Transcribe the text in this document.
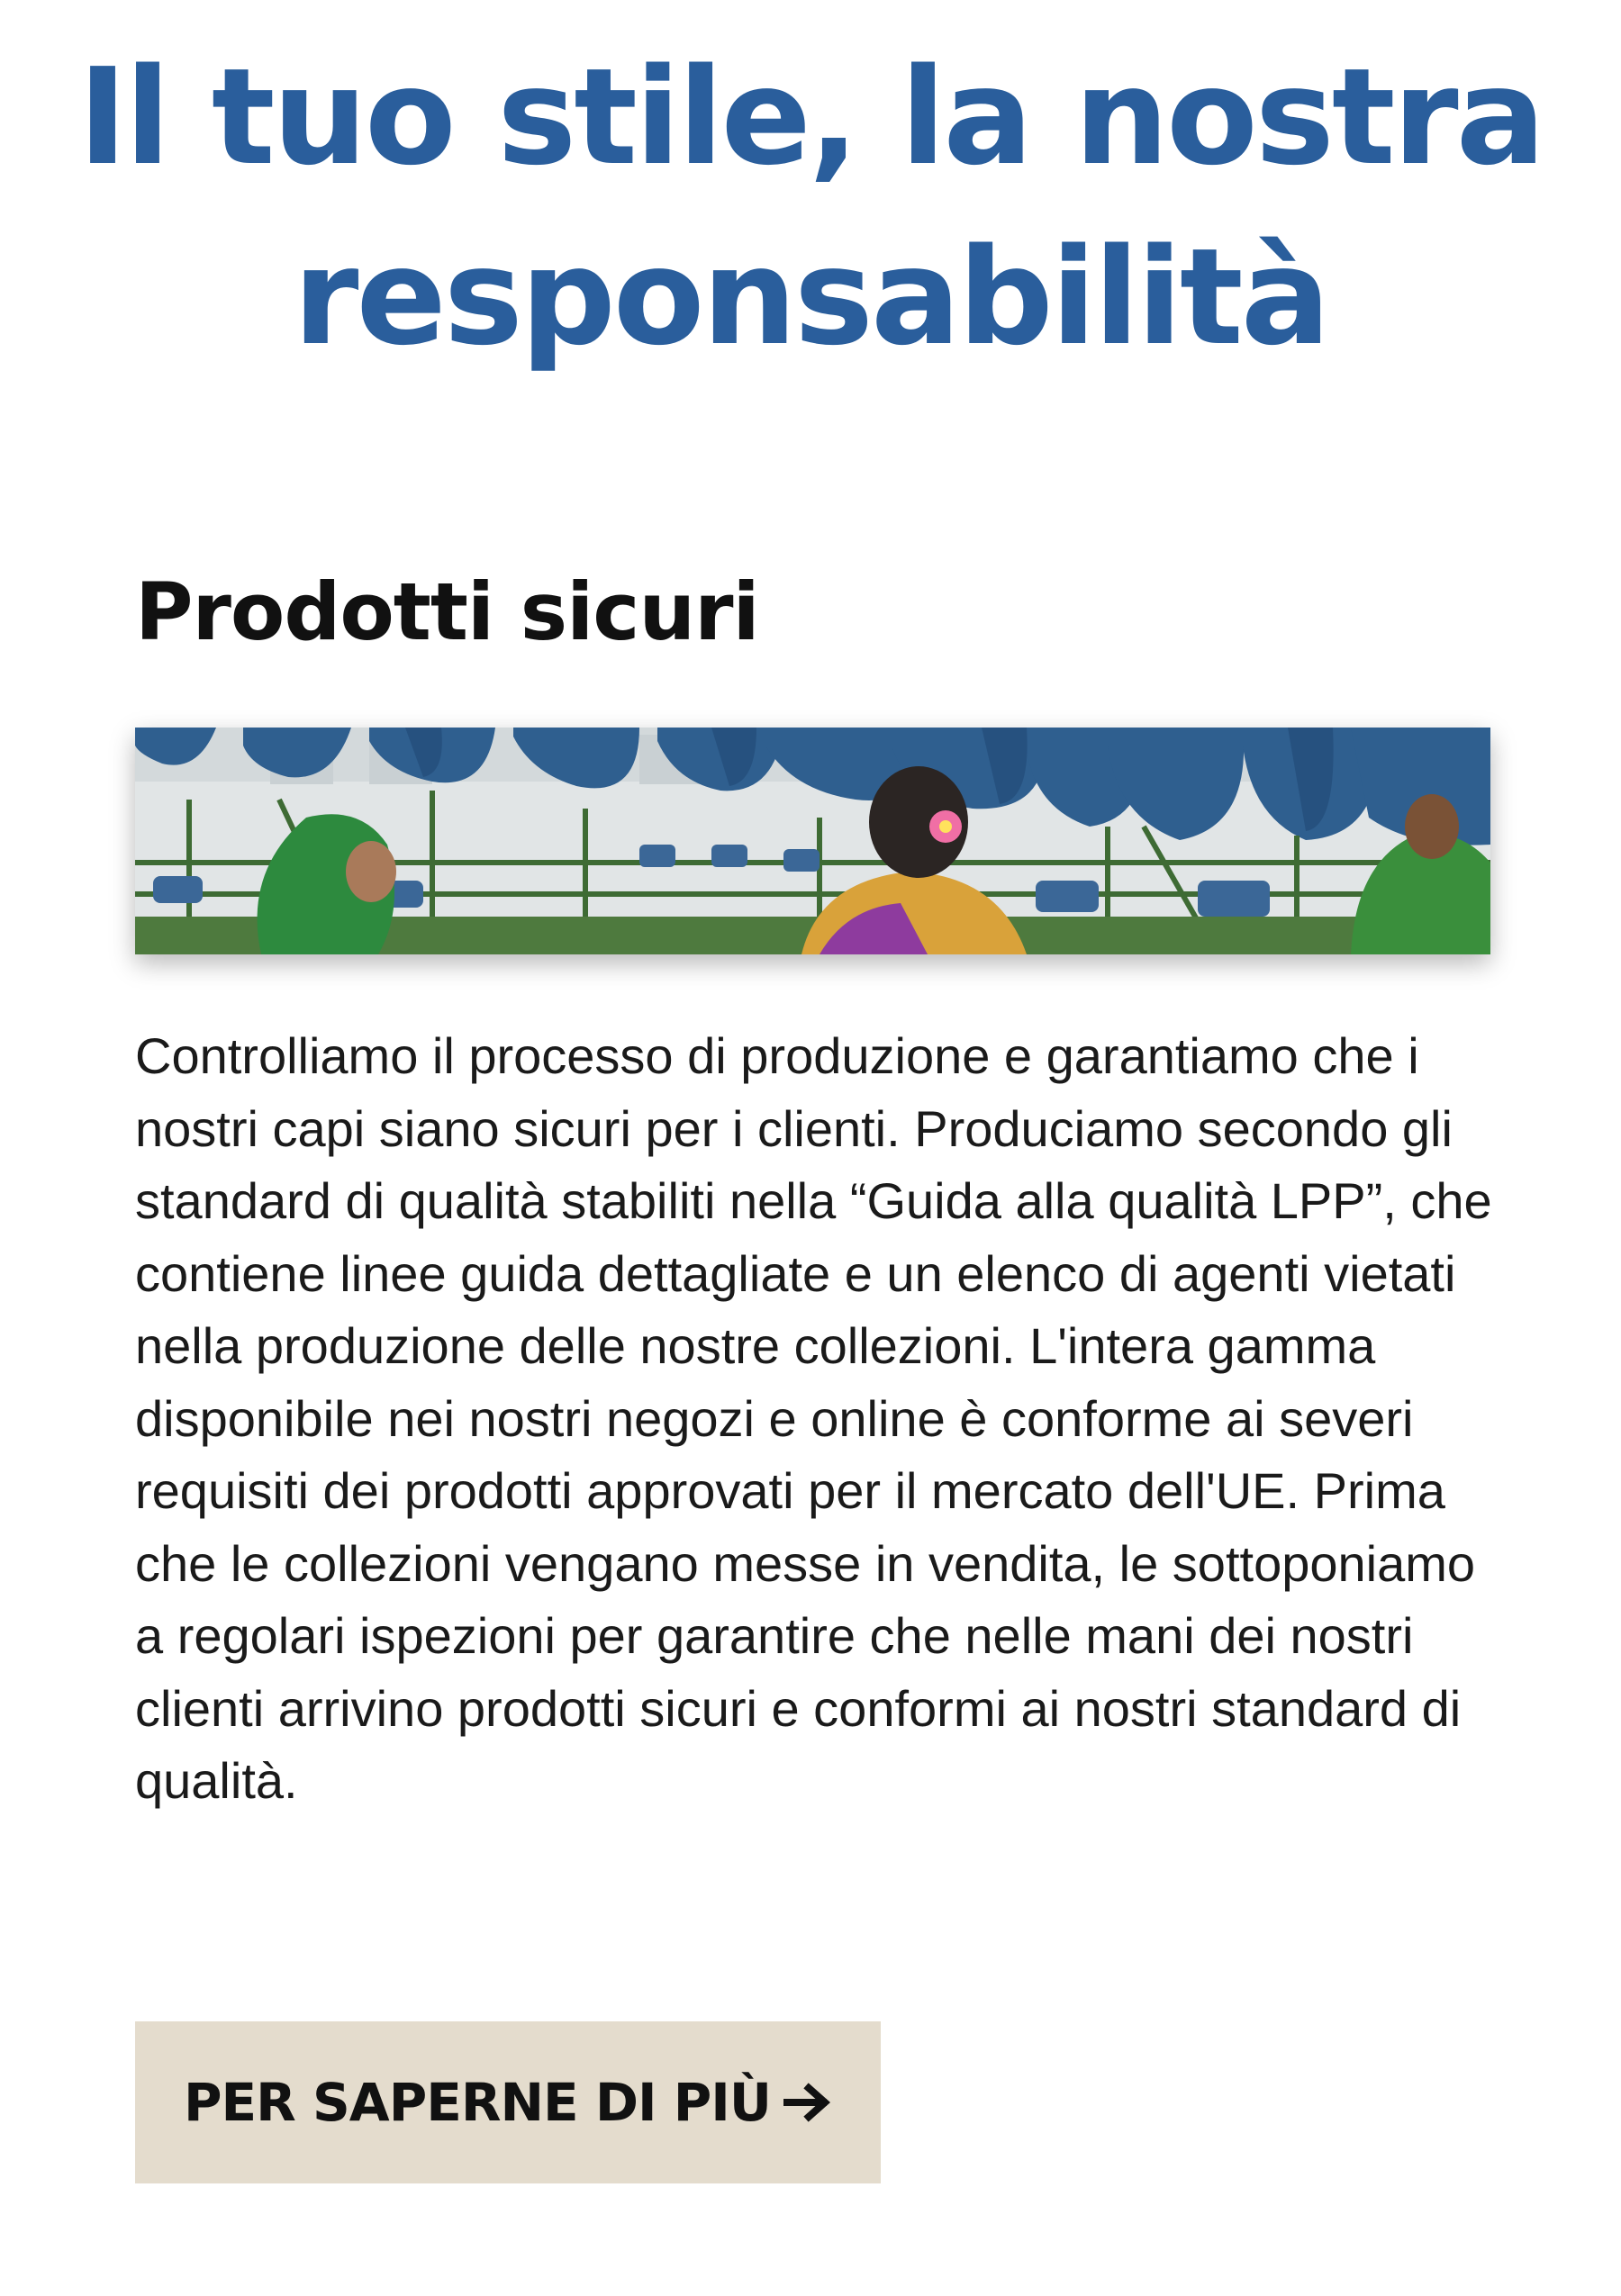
Il tuo stile, la nostra
responsabilità
Prodotti sicuri

Controlliamo il processo di produzione e garantiamo che i nostri capi siano sicuri per i clienti. Produciamo secondo gli standard di qualità stabiliti nella “Guida alla qualità LPP”, che contiene linee guida dettagliate e un elenco di agenti vietati nella produzione delle nostre collezioni. L'intera gamma disponibile nei nostri negozi e online è conforme ai severi requisiti dei prodotti approvati per il mercato dell'UE. Prima che le collezioni vengano messe in vendita, le sottoponiamo a regolari ispezioni per garantire che nelle mani dei nostri clienti arrivino prodotti sicuri e conformi ai nostri standard di qualità.

PER SAPERNE DI PIÙ
